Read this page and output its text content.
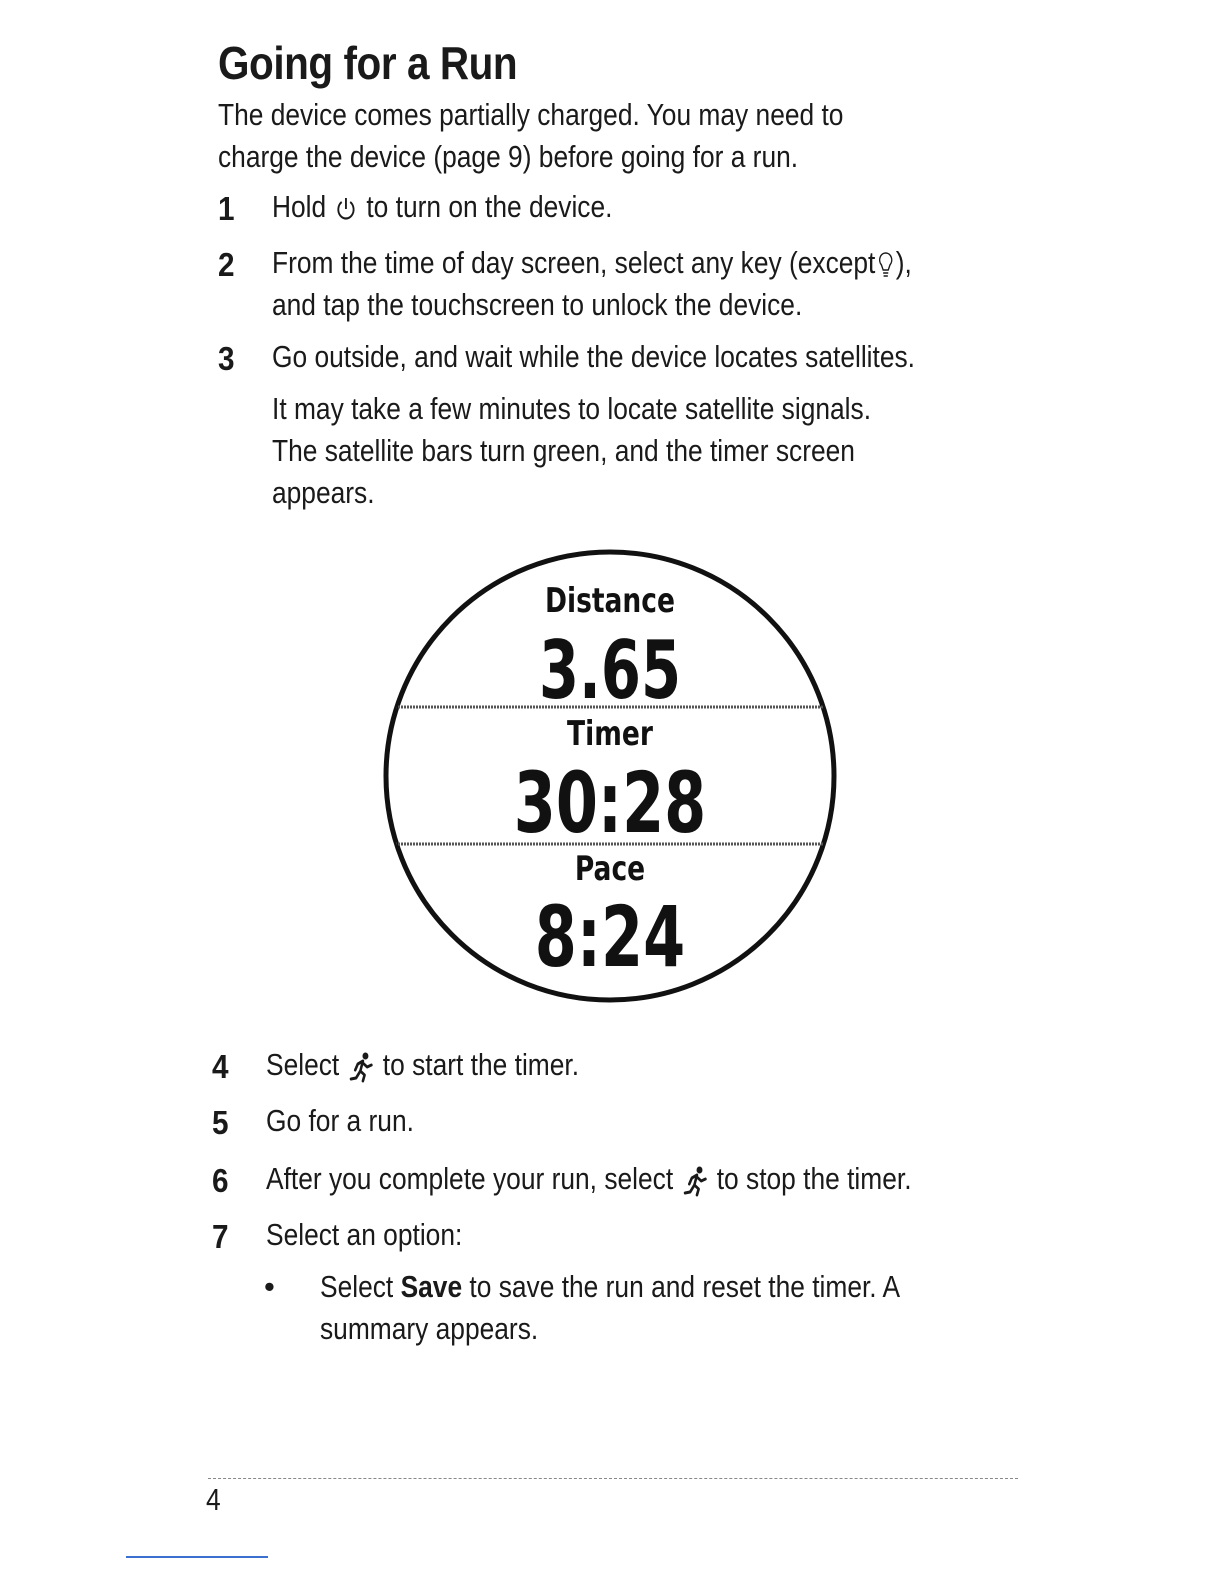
Going for a Run
The device comes partially charged. You may need to
charge the device (page 9) before going for a run.
1 Hold to turn on the device.
2 From the time of day screen, select any key (except ),
and tap the touchscreen to unlock the device.
3 Go outside, and wait while the device locates satellites.
It may take a few minutes to locate satellite signals.
The satellite bars turn green, and the timer screen
appears.
Distance
3.65
Timer
30:28
Pace
8:24
4 Select to start the timer.
5 Go for a run.
6 After you complete your run, select to stop the timer.
7 Select an option:
• Select Save to save the run and reset the timer. A
summary appears.
4
